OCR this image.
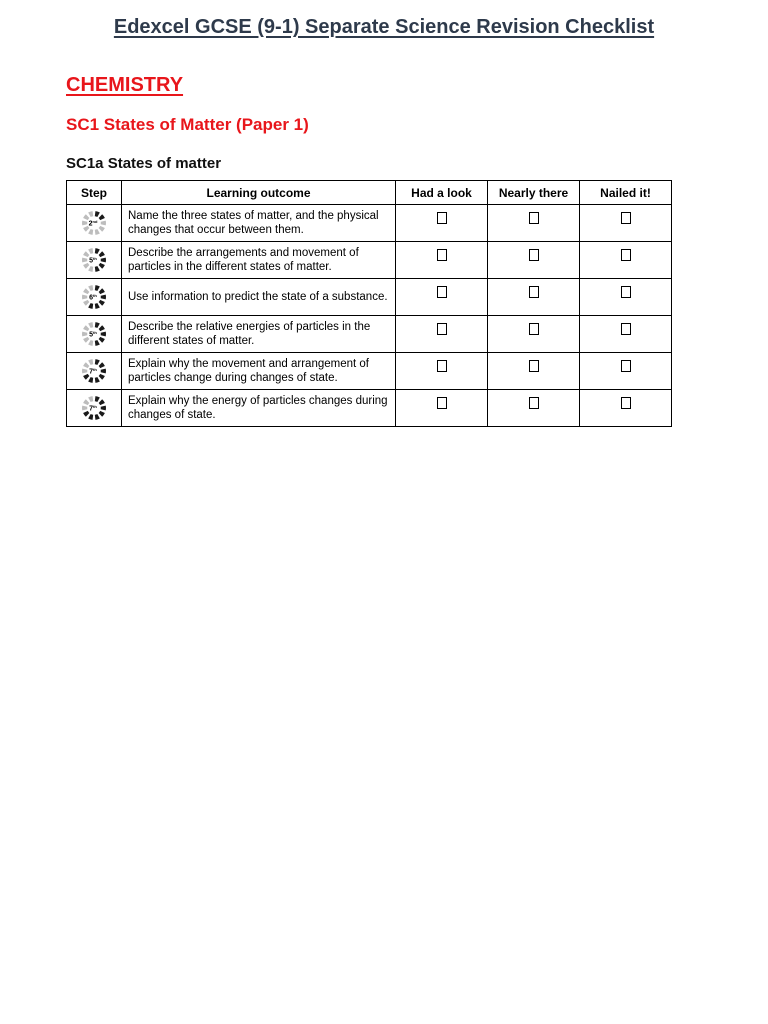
Edexcel GCSE (9-1) Separate Science Revision Checklist
CHEMISTRY
SC1 States of Matter (Paper 1)
SC1a States of matter
Step	Learning outcome	Had a look	Nearly there	Nailed it!

2nd	Name the three states of matter, and the physical changes that occur between them.			

5th	Describe the arrangements and movement of particles in the different states of matter.			

6th	Use information to predict the state of a substance.			

5th	Describe the relative energies of particles in the different states of matter.			

7th	Explain why the movement and arrangement of particles change during changes of state.			

7th	Explain why the energy of particles changes during changes of state.			
